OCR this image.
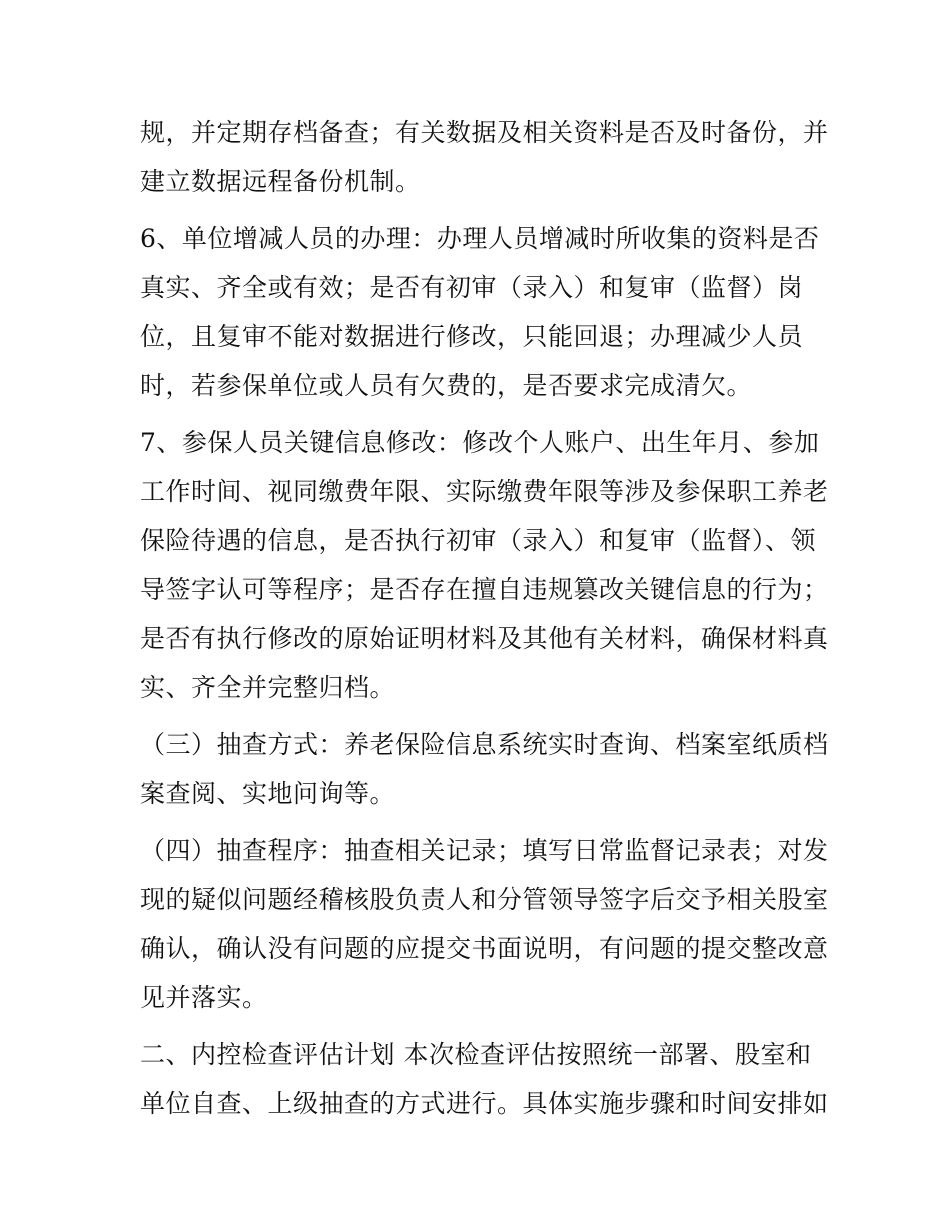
规，并定期存档备查；有关数据及相关资料是否及时备份，并
建立数据远程备份机制。
6、单位增减人员的办理：办理人员增减时所收集的资料是否
真实、齐全或有效；是否有初审（录入）和复审（监督）岗
位，且复审不能对数据进行修改，只能回退；办理减少人员
时，若参保单位或人员有欠费的，是否要求完成清欠。
7、参保人员关键信息修改：修改个人账户、出生年月、参加
工作时间、视同缴费年限、实际缴费年限等涉及参保职工养老
保险待遇的信息，是否执行初审（录入）和复审（监督）、领
导签字认可等程序；是否存在擅自违规篡改关键信息的行为；
是否有执行修改的原始证明材料及其他有关材料，确保材料真
实、齐全并完整归档。
（三）抽查方式：养老保险信息系统实时查询、档案室纸质档
案查阅、实地问询等。
（四）抽查程序：抽查相关记录；填写日常监督记录表；对发
现的疑似问题经稽核股负责人和分管领导签字后交予相关股室
确认，确认没有问题的应提交书面说明，有问题的提交整改意
见并落实。
二、内控检查评估计划 本次检查评估按照统一部署、股室和
单位自查、上级抽查的方式进行。具体实施步骤和时间安排如
